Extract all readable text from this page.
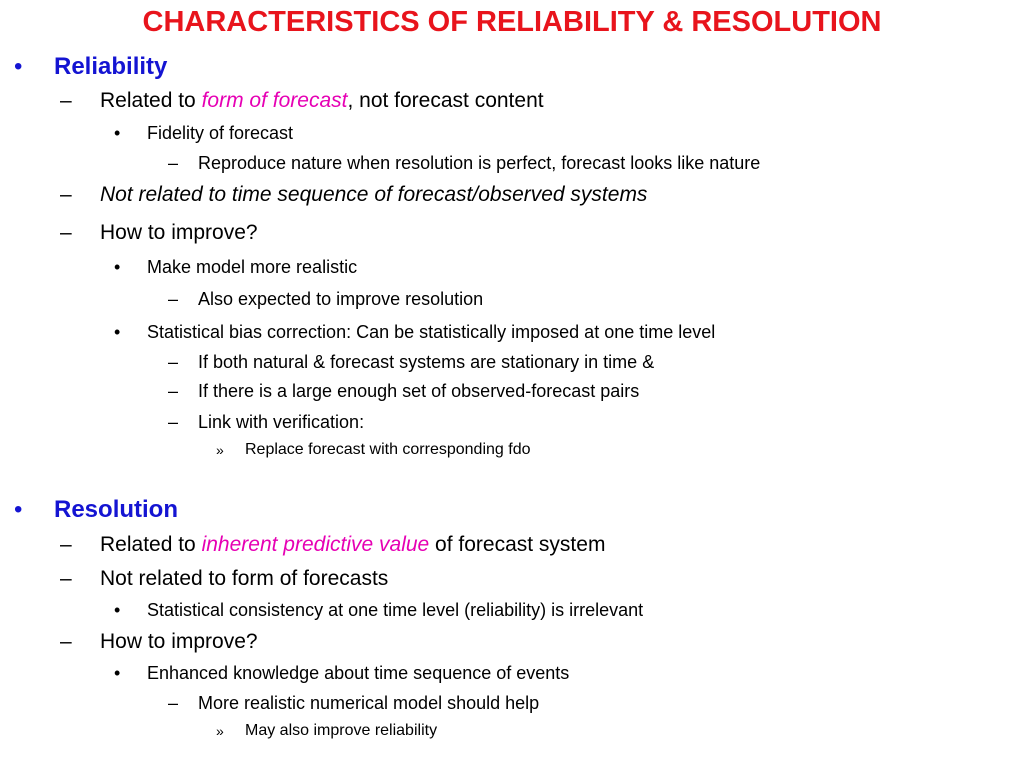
CHARACTERISTICS OF RELIABILITY & RESOLUTION
• Reliability
– Related to form of forecast, not forecast content
• Fidelity of forecast
– Reproduce nature when resolution is perfect, forecast looks like nature
– Not related to time sequence of forecast/observed systems
– How to improve?
• Make model more realistic
– Also expected to improve resolution
• Statistical bias correction: Can be statistically imposed at one time level
– If both natural & forecast systems are stationary in time &
– If there is a large enough set of observed-forecast pairs
– Link with verification:
» Replace forecast with corresponding fdo
• Resolution
– Related to inherent predictive value of forecast system
– Not related to form of forecasts
• Statistical consistency at one time level (reliability) is irrelevant
– How to improve?
• Enhanced knowledge about time sequence of events
– More realistic numerical model should help
» May also improve reliability
